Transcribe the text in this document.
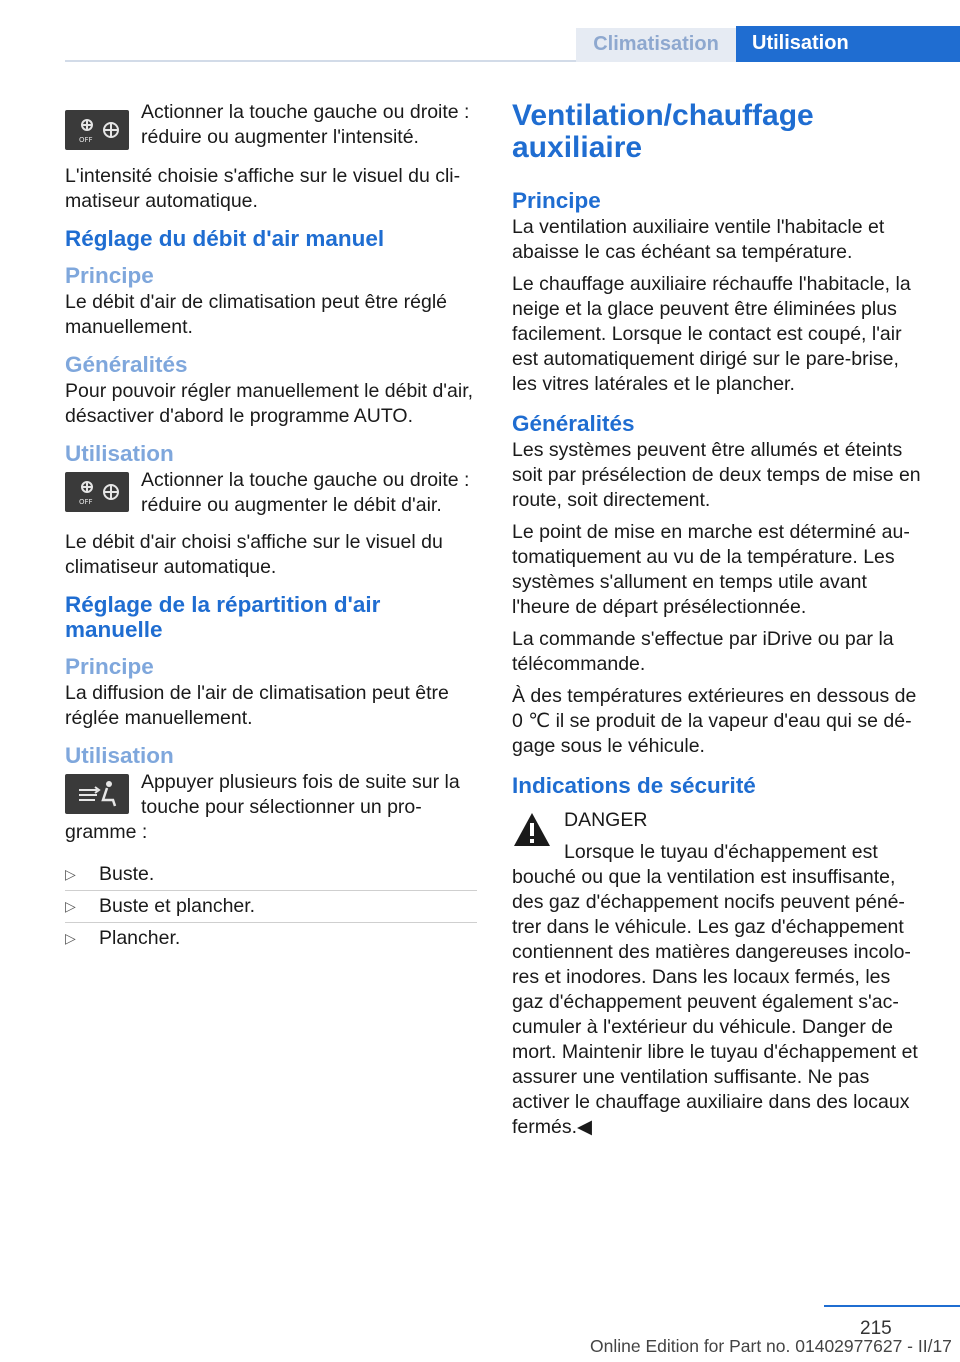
Climatisation	Utilisation
OFF

Actionner la touche gauche ou droite : réduire ou augmenter l'intensité.

L'intensité choisie s'affiche sur le visuel du climatiseur automatique.

Réglage du débit d'air manuel
Principe

Le débit d'air de climatisation peut être réglé manuellement.

Généralités

Pour pouvoir régler manuellement le débit d'air, désactiver d'abord le programme AUTO.

Utilisation
OFF

Actionner la touche gauche ou droite : réduire ou augmenter le débit d'air.

Le débit d'air choisi s'affiche sur le visuel du climatiseur automatique.

Réglage de la répartition d'air manuelle
Principe

La diffusion de l'air de climatisation peut être réglée manuellement.

Utilisation

Appuyer plusieurs fois de suite sur la touche pour sélectionner un programme :

▷ Buste.
▷ Buste et plancher.
▷ Plancher.
Ventilation/chauffage auxiliaire
Principe

La ventilation auxiliaire ventile l'habitacle et abaisse le cas échéant sa température.

Le chauffage auxiliaire réchauffe l'habitacle, la neige et la glace peuvent être éliminées plus facilement. Lorsque le contact est coupé, l'air est automatiquement dirigé sur le pare-brise, les vitres latérales et le plancher.

Généralités

Les systèmes peuvent être allumés et éteints soit par présélection de deux temps de mise en route, soit directement.

Le point de mise en marche est déterminé automatiquement au vu de la température. Les systèmes s'allument en temps utile avant l'heure de départ présélectionnée.

La commande s'effectue par iDrive ou par la télécommande.

À des températures extérieures en dessous de 0 ℃ il se produit de la vapeur d'eau qui se dégage sous le véhicule.

Indications de sécurité

DANGER

Lorsque le tuyau d'échappement est bouché ou que la ventilation est insuffisante, des gaz d'échappement nocifs peuvent pénétrer dans le véhicule. Les gaz d'échappement contiennent des matières dangereuses incolores et inodores. Dans les locaux fermés, les gaz d'échappement peuvent également s'accumuler à l'extérieur du véhicule. Danger de mort. Maintenir libre le tuyau d'échappement et assurer une ventilation suffisante. Ne pas activer le chauffage auxiliaire dans des locaux fermés.◀

215
Online Edition for Part no. 01402977627 - II/17
